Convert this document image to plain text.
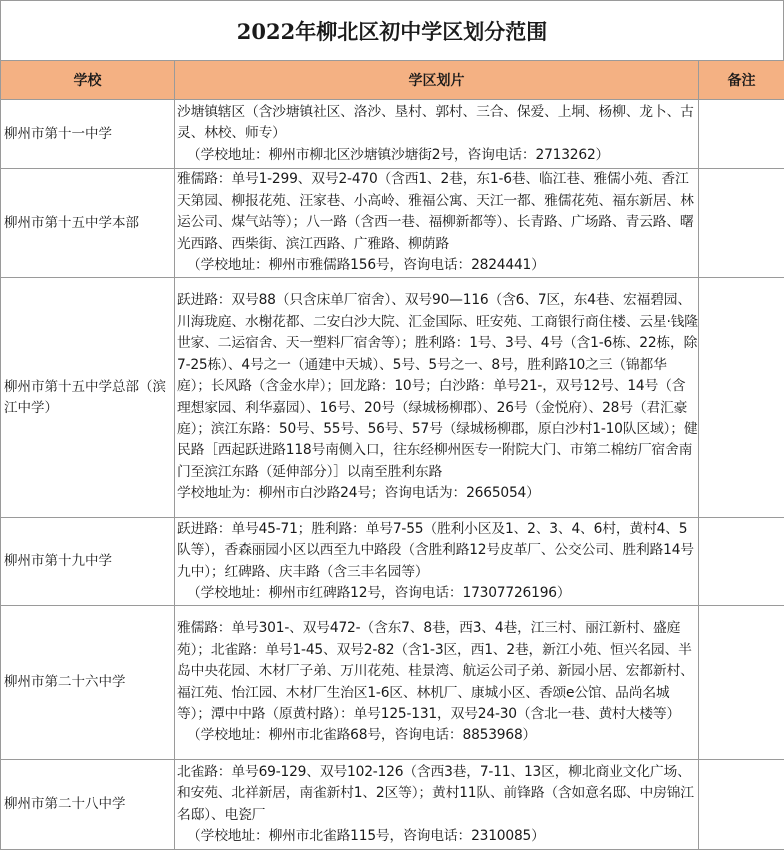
2022年柳北区初中学区划分范围
学校	学区划片	备注
柳州市第十一中学	沙塘镇辖区（含沙塘镇社区、洛沙、垦村、郭村、三合、保爱、上垌、杨柳、龙卜、古灵、林校、师专）
（学校地址：柳州市柳北区沙塘镇沙塘街2号，咨询电话：2713262）	

柳州市第十五中学本部	雅儒路：单号1-299、双号2-470（含西1、2巷，东1-6巷、临江巷、雅儒小苑、香江天第园、柳报花苑、汪家巷、小高岭、雅福公寓、天江一都、雅儒花苑、福东新居、林运公司、煤气站等）；八一路（含西一巷、福柳新都等）、长青路、广场路、青云路、曙光西路、西柴街、滨江西路、广雅路、柳荫路
（学校地址：柳州市雅儒路156号，咨询电话：2824441）	

柳州市第十五中学总部（滨江中学）	跃进路：双号88（只含床单厂宿舍）、双号90—116（含6、7区，东4巷、宏福碧园、川海珑庭、水榭花都、二安白沙大院、汇金国际、旺安苑、工商银行商住楼、云星·钱隆世家、二运宿舍、天一塑料厂宿舍等）；胜利路：1号、3号、4号（含1-6栋、22栋，除7-25栋）、4号之一（通建中天城）、5号、5号之一、8号，胜利路10之三（锦都华庭）；长风路（含金水岸）；回龙路：10号；白沙路：单号21-，双号12号、14号（含理想家园、利华嘉园）、16号、20号（绿城杨柳郡）、26号（金悦府）、28号（君汇豪庭）；滨江东路：50号、55号、56号、57号（绿城杨柳郡，原白沙村1-10队区域）；健民路［西起跃进路118号南侧入口，往东经柳州医专一附院大门、市第二棉纺厂宿舍南门至滨江东路（延伸部分）］以南至胜利东路
学校地址为：柳州市白沙路24号；咨询电话为：2665054）	

柳州市第十九中学	跃进路：单号45-71；胜利路：单号7-55（胜利小区及1、2、3、4、6村，黄村4、5队等），香森丽园小区以西至九中路段（含胜利路12号皮革厂、公交公司、胜利路14号九中）；红碑路、庆丰路（含三丰名园等）
（学校地址：柳州市红碑路12号，咨询电话：17307726196）	

柳州市第二十六中学	雅儒路：单号301-、双号472-（含东7、8巷，西3、4巷，江三村、丽江新村、盛庭苑）；北雀路：单号1-45、双号2-82（含1-3区，西1、2巷，新江小苑、恒兴名园、半岛中央花园、木材厂子弟、万川花苑、桂景湾、航运公司子弟、新园小居、宏都新村、福江苑、怡江园、木材厂生治区1-6区、林机厂、康城小区、香颂e公馆、品尚名城等）；潭中中路（原黄村路）：单号125-131，双号24-30（含北一巷、黄村大楼等）
（学校地址：柳州市北雀路68号，咨询电话：8853968）	

柳州市第二十八中学	北雀路：单号69-129、双号102-126（含西3巷，7-11、13区，柳北商业文化广场、和安苑、北祥新居，南雀新村1、2区等）；黄村11队、前锋路（含如意名邸、中房锦江名邸）、电瓷厂
（学校地址：柳州市北雀路115号，咨询电话：2310085）	
